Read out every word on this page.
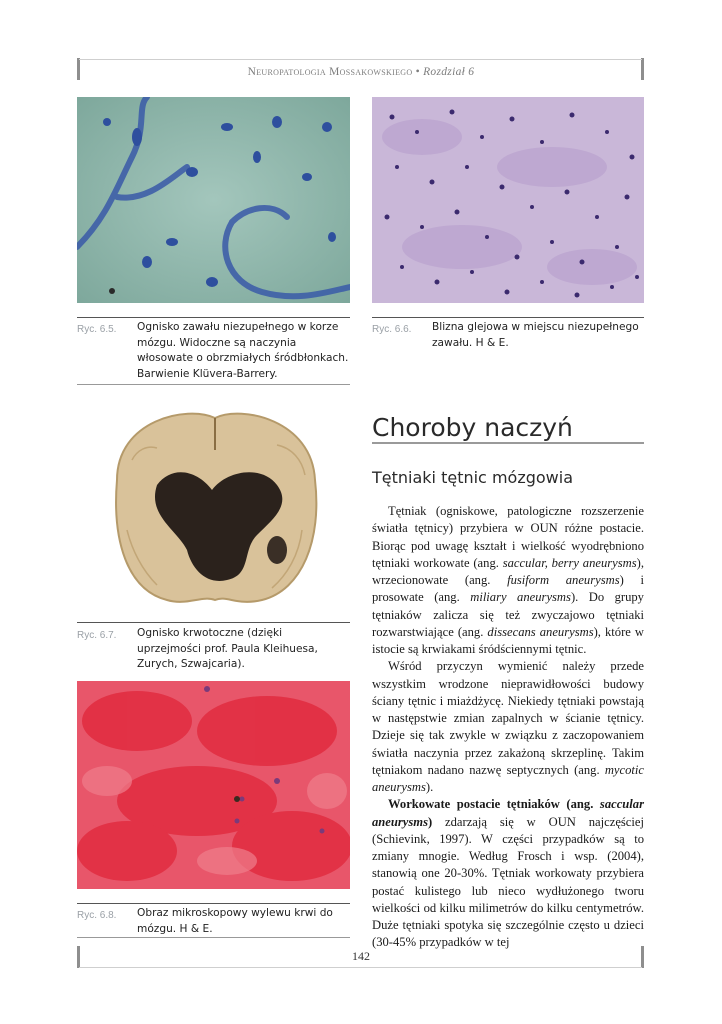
Neuropatologia Mossakowskiego • Rozdział 6
Ryc. 6.5. Ognisko zawału niezupełnego w korze mózgu. Widoczne są naczynia włosowate o obrzmiałych śródbłonkach. Barwienie Klüvera-Barrery.
Ryc. 6.6. Blizna glejowa w miejscu niezupełnego zawału. H & E.
Ryc. 6.7. Ognisko krwotoczne (dzięki uprzejmości prof. Paula Kleihuesa, Zurych, Szwajcaria).
Ryc. 6.8. Obraz mikroskopowy wylewu krwi do mózgu. H & E.
Choroby naczyń
Tętniaki tętnic mózgowia

Tętniak (ogniskowe, patologiczne rozszerzenie światła tętnicy) przybiera w OUN różne postacie. Biorąc pod uwagę kształt i wielkość wyodrębniono tętniaki workowate (ang. saccular, berry aneurysms), wrzecionowate (ang. fusiform aneurysms) i prosowate (ang. miliary aneurysms). Do grupy tętniaków zalicza się też zwyczajowo tętniaki rozwarstwiające (ang. dissecans aneurysms), które w istocie są krwiakami śródściennymi tętnic.

Wśród przyczyn wymienić należy przede wszystkim wrodzone nieprawidłowości budowy ściany tętnic i miażdżycę. Niekiedy tętniaki powstają w następstwie zmian zapalnych w ścianie tętnicy. Dzieje się tak zwykle w związku z zaczopowaniem światła naczynia przez zakażoną skrzeplinę. Takim tętniakom nadano nazwę septycznych (ang. mycotic aneurysms).

Workowate postacie tętniaków (ang. saccular aneurysms) zdarzają się w OUN najczęściej (Schievink, 1997). W części przypadków są to zmiany mnogie. Według Frosch i wsp. (2004), stanowią one 20-30%. Tętniak workowaty przybiera postać kulistego lub nieco wydłużonego tworu wielkości od kilku milimetrów do kilku centymetrów. Duże tętniaki spotyka się szczególnie często u dzieci (30-45% przypadków w tej

142
